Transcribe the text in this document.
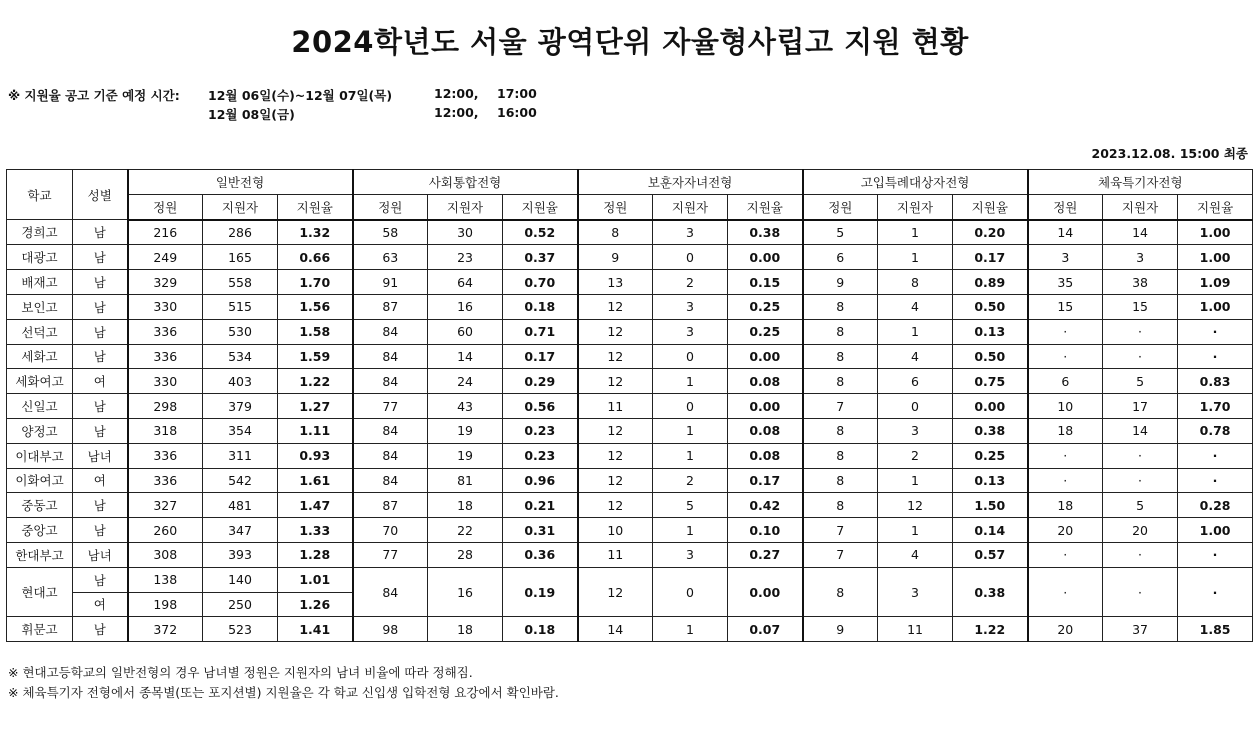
2024학년도 서울 광역단위 자율형사립고 지원 현황
※ 지원율 공고 기준 예정 시간: 12월 06일(수)~12월 07일(목)	12:00, 17:00
12월 08일(금)	12:00, 16:00
2023.12.08. 15:00 최종
학교	성별	일반전형			사회통합전형			보훈자자녀전형			고입특례대상자전형			체육특기자전형		
		정원	지원자	지원율	정원	지원자	지원율	정원	지원자	지원율	정원	지원자	지원율	정원	지원자	지원율
경희고	남	216	286	1.32	58	30	0.52	8	3	0.38	5	1	0.20	14	14	1.00
대광고	남	249	165	0.66	63	23	0.37	9	0	0.00	6	1	0.17	3	3	1.00
배재고	남	329	558	1.70	91	64	0.70	13	2	0.15	9	8	0.89	35	38	1.09
보인고	남	330	515	1.56	87	16	0.18	12	3	0.25	8	4	0.50	15	15	1.00
선덕고	남	336	530	1.58	84	60	0.71	12	3	0.25	8	1	0.13	·	·	·
세화고	남	336	534	1.59	84	14	0.17	12	0	0.00	8	4	0.50	·	·	·
세화여고	여	330	403	1.22	84	24	0.29	12	1	0.08	8	6	0.75	6	5	0.83
신일고	남	298	379	1.27	77	43	0.56	11	0	0.00	7	0	0.00	10	17	1.70
양정고	남	318	354	1.11	84	19	0.23	12	1	0.08	8	3	0.38	18	14	0.78
이대부고	남녀	336	311	0.93	84	19	0.23	12	1	0.08	8	2	0.25	·	·	·
이화여고	여	336	542	1.61	84	81	0.96	12	2	0.17	8	1	0.13	·	·	·
중동고	남	327	481	1.47	87	18	0.21	12	5	0.42	8	12	1.50	18	5	0.28
중앙고	남	260	347	1.33	70	22	0.31	10	1	0.10	7	1	0.14	20	20	1.00
한대부고	남녀	308	393	1.28	77	28	0.36	11	3	0.27	7	4	0.57	·	·	·
현대고	남	138	140	1.01	84	16	0.19	12	0	0.00	8	3	0.38	·	·	·
	여	198	250	1.26												
휘문고	남	372	523	1.41	98	18	0.18	14	1	0.07	9	11	1.22	20	37	1.85
※ 현대고등학교의 일반전형의 경우 남녀별 정원은 지원자의 남녀 비율에 따라 정해짐.
※ 체육특기자 전형에서 종목별(또는 포지션별) 지원율은 각 학교 신입생 입학전형 요강에서 확인바람.
